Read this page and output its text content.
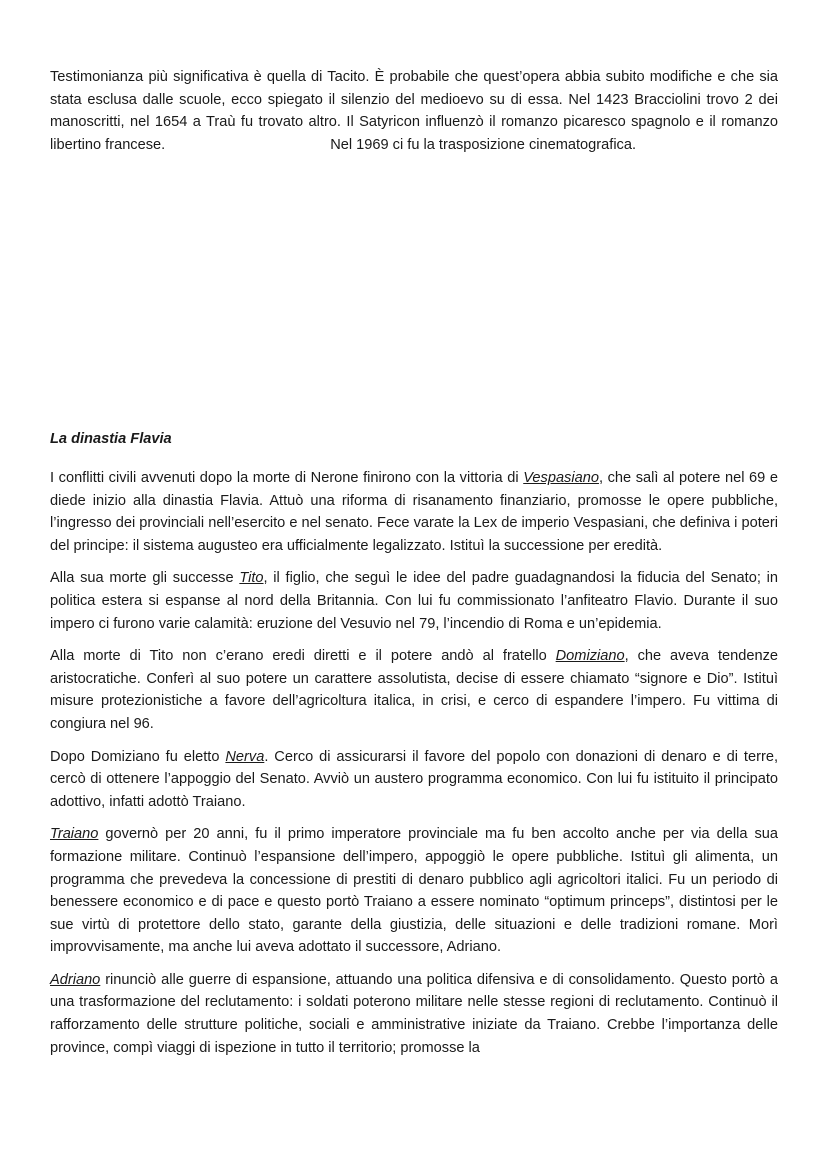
Testimonianza più significativa è quella di Tacito. È probabile che quest’opera abbia subito modifiche e che sia stata esclusa dalle scuole, ecco spiegato il silenzio del medioevo su di essa. Nel 1423 Bracciolini trovo 2 dei manoscritti, nel 1654 a Traù fu trovato altro. Il Satyricon influenzò il romanzo picaresco spagnolo e il romanzo libertino francese.	Nel 1969 ci fu la trasposizione cinematografica.

La dinastia Flavia

I conflitti civili avvenuti dopo la morte di Nerone finirono con la vittoria di Vespasiano, che salì al potere nel 69 e diede inizio alla dinastia Flavia. Attuò una riforma di risanamento finanziario, promosse le opere pubbliche, l’ingresso dei provinciali nell’esercito e nel senato. Fece varate la Lex de imperio Vespasiani, che definiva i poteri del principe: il sistema augusteo era ufficialmente legalizzato. Istituì la successione per eredità.

Alla sua morte gli successe Tito, il figlio, che seguì le idee del padre guadagnandosi la fiducia del Senato; in politica estera si espanse al nord della Britannia. Con lui fu commissionato l’anfiteatro Flavio. Durante il suo impero ci furono varie calamità: eruzione del Vesuvio nel 79, l’incendio di Roma e un’epidemia.

Alla morte di Tito non c’erano eredi diretti e il potere andò al fratello Domiziano, che aveva tendenze aristocratiche. Conferì al suo potere un carattere assolutista, decise di essere chiamato “signore e Dio”. Istituì misure protezionistiche a favore dell’agricoltura italica, in crisi, e cerco di espandere l’impero. Fu vittima di congiura nel 96.

Dopo Domiziano fu eletto Nerva. Cerco di assicurarsi il favore del popolo con donazioni di denaro e di terre, cercò di ottenere l’appoggio del Senato. Avviò un austero programma economico. Con lui fu istituito il principato adottivo, infatti adottò Traiano.

Traiano governò per 20 anni, fu il primo imperatore provinciale ma fu ben accolto anche per via della sua formazione militare. Continuò l’espansione dell’impero, appoggiò le opere pubbliche. Istituì gli alimenta, un programma che prevedeva la concessione di prestiti di denaro pubblico agli agricoltori italici. Fu un periodo di benessere economico e di pace e questo portò Traiano a essere nominato “optimum princeps”, distintosi per le sue virtù di protettore dello stato, garante della giustizia, delle situazioni e delle tradizioni romane. Morì improvvisamente, ma anche lui aveva adottato il successore, Adriano.

Adriano rinunciò alle guerre di espansione, attuando una politica difensiva e di consolidamento. Questo portò a una trasformazione del reclutamento: i soldati poterono militare nelle stesse regioni di reclutamento. Continuò il rafforzamento delle strutture politiche, sociali e amministrative iniziate da Traiano. Crebbe l’importanza delle province, compì viaggi di ispezione in tutto il territorio; promosse la
